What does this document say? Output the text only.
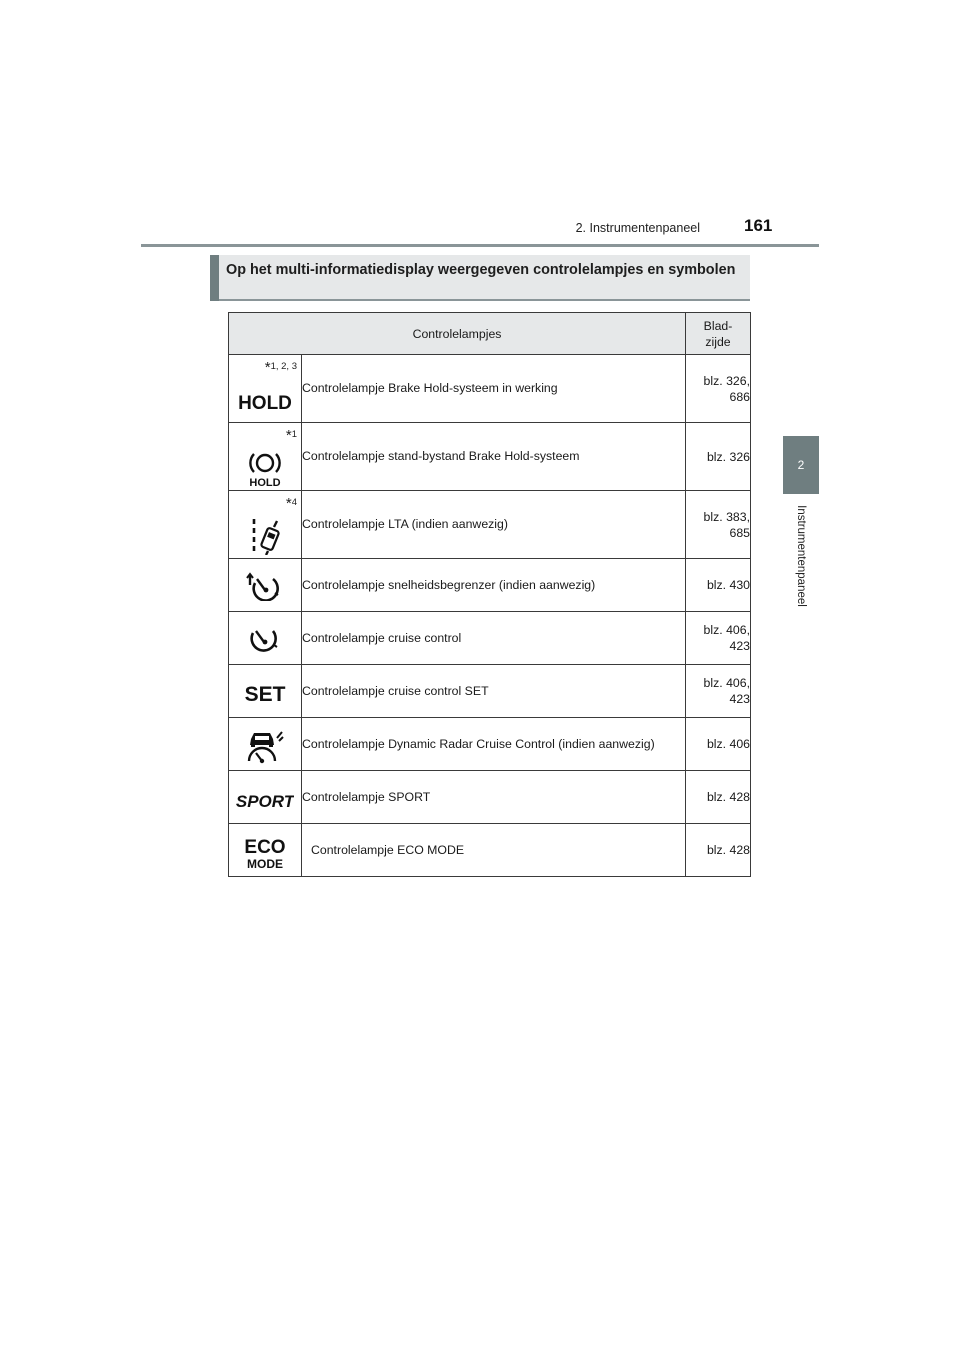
2. Instrumentenpaneel	161
2
Instrumentenpaneel
Op het multi-informatiedisplay weergegeven controlelampjes en symbolen
Controlelampjes		Blad-
zijde

*1, 2, 3
HOLD	Controlelampje Brake Hold-systeem in werking	blz. 326,
686

*1
HOLD	Controlelampje stand-bystand Brake Hold-systeem	blz. 326

*4	Controlelampje LTA (indien aanwezig)	blz. 383,
685

	Controlelampje snelheidsbegrenzer (indien aanwezig)	blz. 430

	Controlelampje cruise control	blz. 406,
423

SET	Controlelampje cruise control SET	blz. 406,
423

	Controlelampje Dynamic Radar Cruise Control (indien aanwezig)	blz. 406

SPORT	Controlelampje SPORT	blz. 428

ECO
MODE	Controlelampje ECO MODE	blz. 428
